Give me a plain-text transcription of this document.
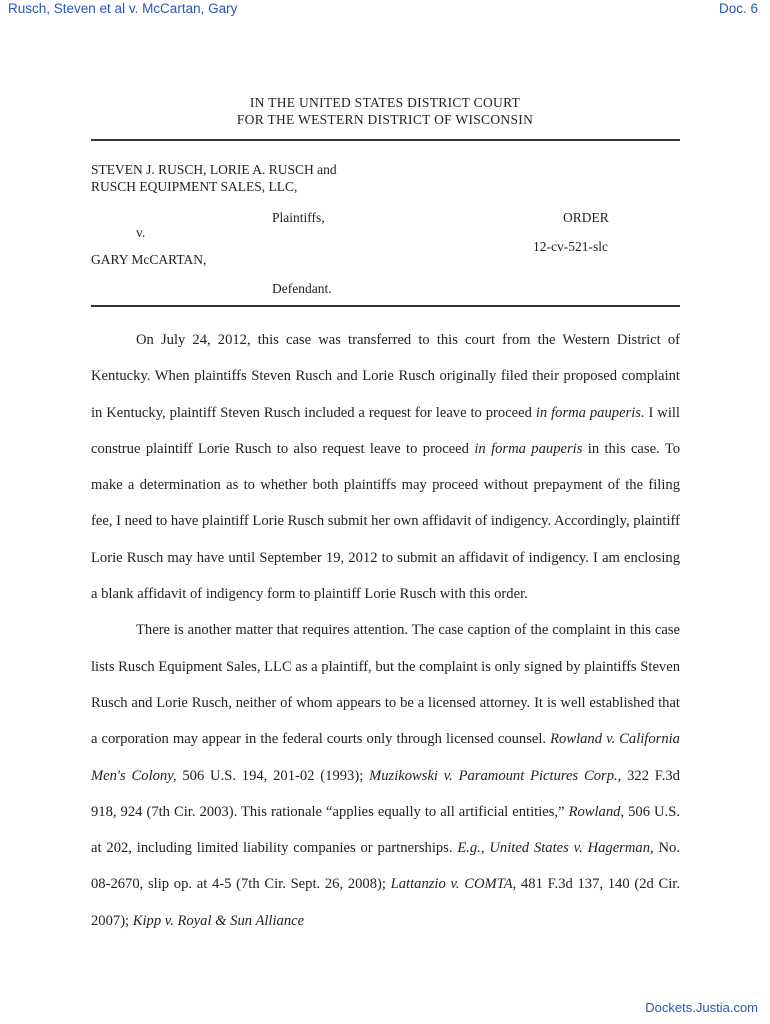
Rusch, Steven et al v. McCartan, Gary	Doc. 6
IN THE UNITED STATES DISTRICT COURT
FOR THE WESTERN DISTRICT OF WISCONSIN
STEVEN J. RUSCH, LORIE A. RUSCH and
RUSCH EQUIPMENT SALES, LLC,
Plaintiffs,
v.
GARY McCARTAN,
Defendant.
ORDER
12-cv-521-slc

On July 24, 2012, this case was transferred to this court from the Western District of Kentucky. When plaintiffs Steven Rusch and Lorie Rusch originally filed their proposed complaint in Kentucky, plaintiff Steven Rusch included a request for leave to proceed in forma pauperis. I will construe plaintiff Lorie Rusch to also request leave to proceed in forma pauperis in this case. To make a determination as to whether both plaintiffs may proceed without prepayment of the filing fee, I need to have plaintiff Lorie Rusch submit her own affidavit of indigency. Accordingly, plaintiff Lorie Rusch may have until September 19, 2012 to submit an affidavit of indigency. I am enclosing a blank affidavit of indigency form to plaintiff Lorie Rusch with this order.

There is another matter that requires attention. The case caption of the complaint in this case lists Rusch Equipment Sales, LLC as a plaintiff, but the complaint is only signed by plaintiffs Steven Rusch and Lorie Rusch, neither of whom appears to be a licensed attorney. It is well established that a corporation may appear in the federal courts only through licensed counsel. Rowland v. California Men's Colony, 506 U.S. 194, 201-02 (1993); Muzikowski v. Paramount Pictures Corp., 322 F.3d 918, 924 (7th Cir. 2003). This rationale “applies equally to all artificial entities,” Rowland, 506 U.S. at 202, including limited liability companies or partnerships. E.g., United States v. Hagerman, No. 08-2670, slip op. at 4-5 (7th Cir. Sept. 26, 2008); Lattanzio v. COMTA, 481 F.3d 137, 140 (2d Cir. 2007); Kipp v. Royal & Sun Alliance

Dockets.Justia.com
